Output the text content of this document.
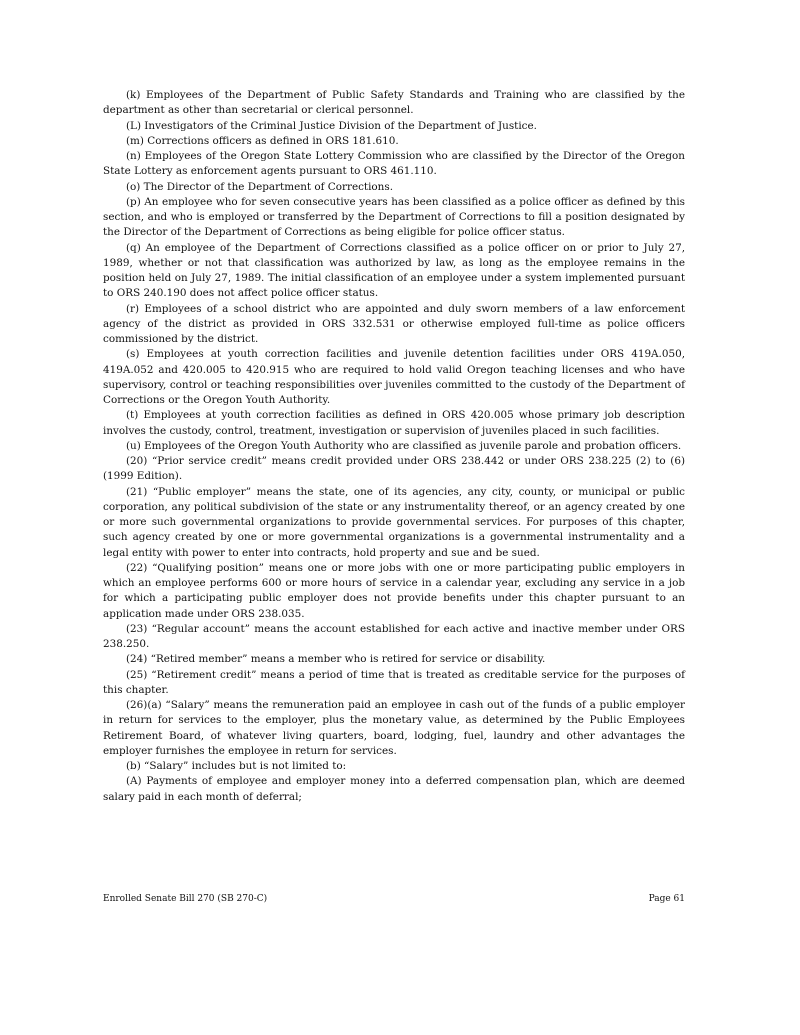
(k) Employees of the Department of Public Safety Standards and Training who are classified by the department as other than secretarial or clerical personnel.

(L) Investigators of the Criminal Justice Division of the Department of Justice.

(m) Corrections officers as defined in ORS 181.610.

(n) Employees of the Oregon State Lottery Commission who are classified by the Director of the Oregon State Lottery as enforcement agents pursuant to ORS 461.110.

(o) The Director of the Department of Corrections.

(p) An employee who for seven consecutive years has been classified as a police officer as defined by this section, and who is employed or transferred by the Department of Corrections to fill a position designated by the Director of the Department of Corrections as being eligible for police officer status.

(q) An employee of the Department of Corrections classified as a police officer on or prior to July 27, 1989, whether or not that classification was authorized by law, as long as the employee remains in the position held on July 27, 1989. The initial classification of an employee under a system implemented pursuant to ORS 240.190 does not affect police officer status.

(r) Employees of a school district who are appointed and duly sworn members of a law enforcement agency of the district as provided in ORS 332.531 or otherwise employed full-time as police officers commissioned by the district.

(s) Employees at youth correction facilities and juvenile detention facilities under ORS 419A.050, 419A.052 and 420.005 to 420.915 who are required to hold valid Oregon teaching licenses and who have supervisory, control or teaching responsibilities over juveniles committed to the custody of the Department of Corrections or the Oregon Youth Authority.

(t) Employees at youth correction facilities as defined in ORS 420.005 whose primary job description involves the custody, control, treatment, investigation or supervision of juveniles placed in such facilities.

(u) Employees of the Oregon Youth Authority who are classified as juvenile parole and probation officers.

(20) “Prior service credit” means credit provided under ORS 238.442 or under ORS 238.225 (2) to (6) (1999 Edition).

(21) “Public employer” means the state, one of its agencies, any city, county, or municipal or public corporation, any political subdivision of the state or any instrumentality thereof, or an agency created by one or more such governmental organizations to provide governmental services. For purposes of this chapter, such agency created by one or more governmental organizations is a governmental instrumentality and a legal entity with power to enter into contracts, hold property and sue and be sued.

(22) “Qualifying position” means one or more jobs with one or more participating public employers in which an employee performs 600 or more hours of service in a calendar year, excluding any service in a job for which a participating public employer does not provide benefits under this chapter pursuant to an application made under ORS 238.035.

(23) “Regular account” means the account established for each active and inactive member under ORS 238.250.

(24) “Retired member” means a member who is retired for service or disability.

(25) “Retirement credit” means a period of time that is treated as creditable service for the purposes of this chapter.

(26)(a) “Salary” means the remuneration paid an employee in cash out of the funds of a public employer in return for services to the employer, plus the monetary value, as determined by the Public Employees Retirement Board, of whatever living quarters, board, lodging, fuel, laundry and other advantages the employer furnishes the employee in return for services.

(b) “Salary” includes but is not limited to:

(A) Payments of employee and employer money into a deferred compensation plan, which are deemed salary paid in each month of deferral;

Enrolled Senate Bill 270 (SB 270-C)	Page 61
